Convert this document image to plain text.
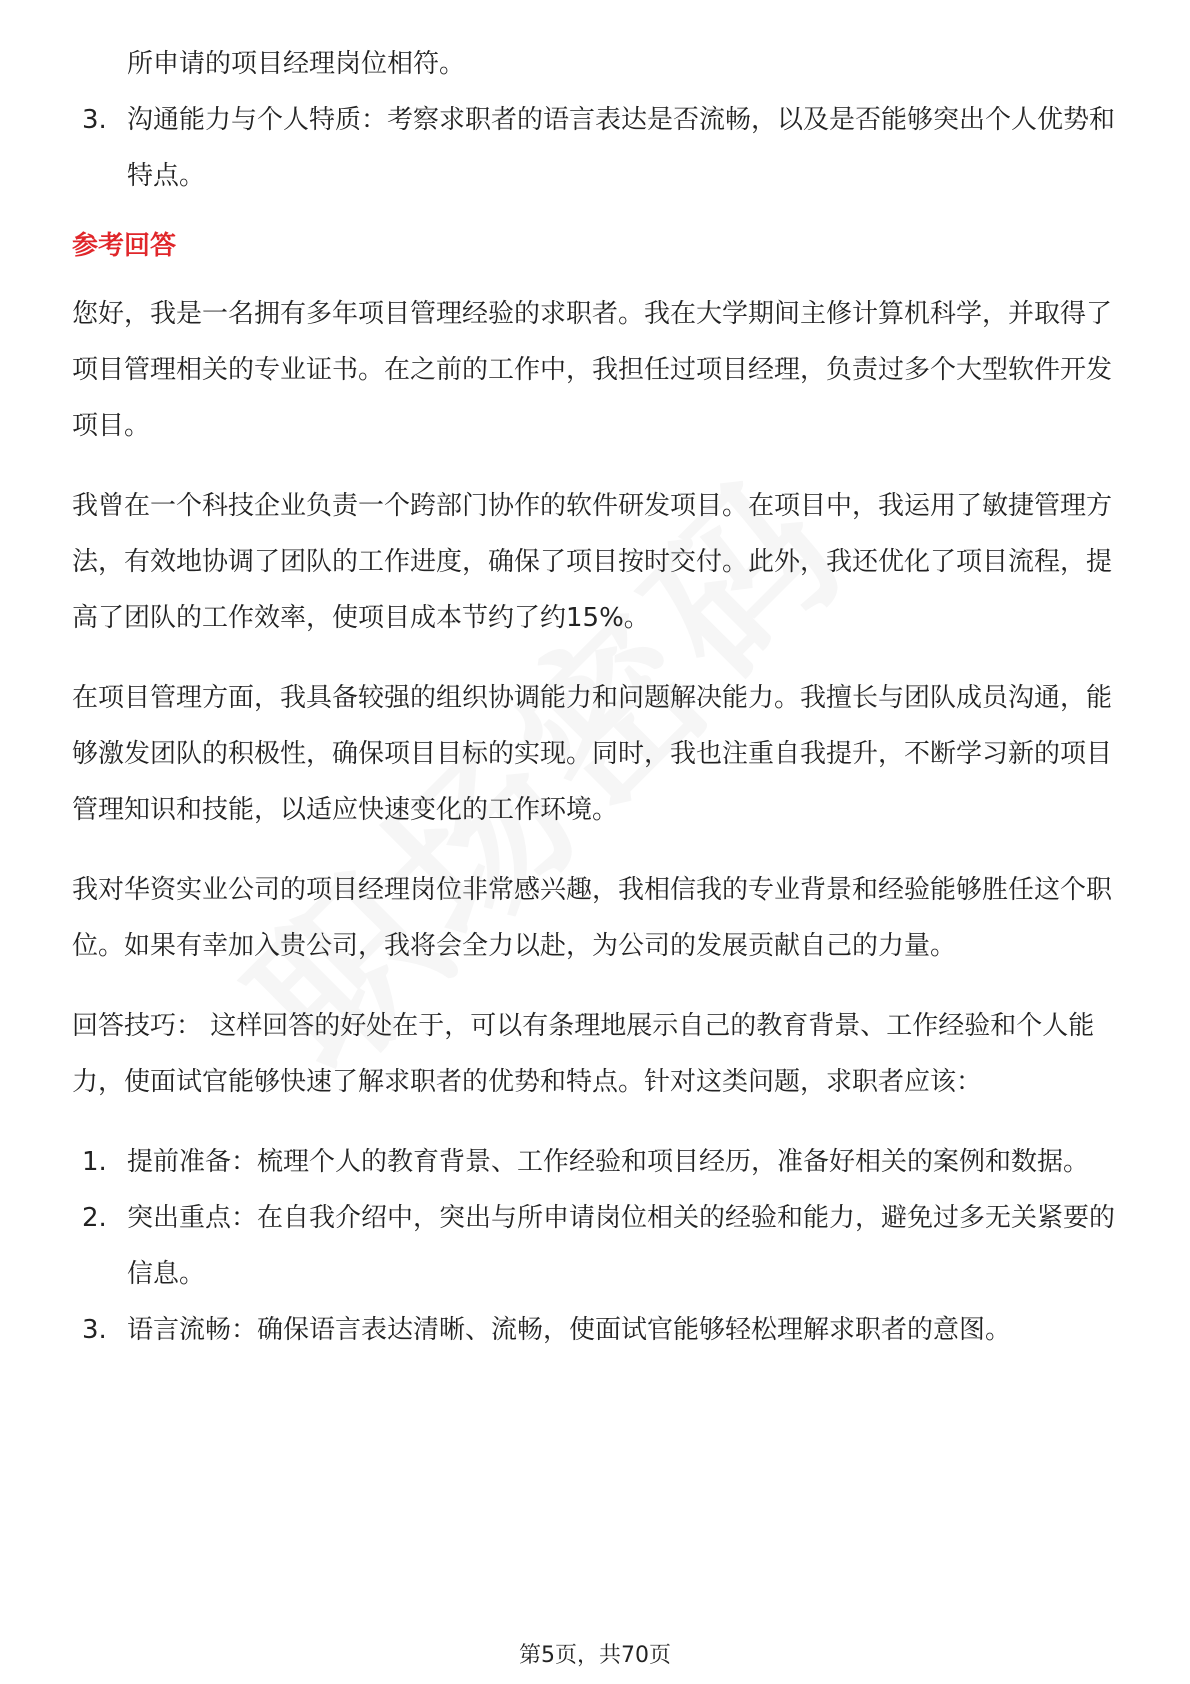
所申请的项目经理岗位相符。

3. 沟通能力与个人特质：考察求职者的语言表达是否流畅，以及是否能够突出个人优势和特点。
参考回答

您好，我是一名拥有多年项目管理经验的求职者。我在大学期间主修计算机科学，并取得了项目管理相关的专业证书。在之前的工作中，我担任过项目经理，负责过多个大型软件开发项目。

我曾在一个科技企业负责一个跨部门协作的软件研发项目。在项目中，我运用了敏捷管理方法，有效地协调了团队的工作进度，确保了项目按时交付。此外，我还优化了项目流程，提高了团队的工作效率，使项目成本节约了约15%。

在项目管理方面，我具备较强的组织协调能力和问题解决能力。我擅长与团队成员沟通，能够激发团队的积极性，确保项目目标的实现。同时，我也注重自我提升，不断学习新的项目管理知识和技能，以适应快速变化的工作环境。

我对华资实业公司的项目经理岗位非常感兴趣，我相信我的专业背景和经验能够胜任这个职位。如果有幸加入贵公司，我将会全力以赴，为公司的发展贡献自己的力量。

回答技巧： 这样回答的好处在于，可以有条理地展示自己的教育背景、工作经验和个人能力，使面试官能够快速了解求职者的优势和特点。针对这类问题，求职者应该：

1. 提前准备：梳理个人的教育背景、工作经验和项目经历，准备好相关的案例和数据。
2. 突出重点：在自我介绍中，突出与所申请岗位相关的经验和能力，避免过多无关紧要的信息。
3. 语言流畅：确保语言表达清晰、流畅，使面试官能够轻松理解求职者的意图。
第5页，共70页
